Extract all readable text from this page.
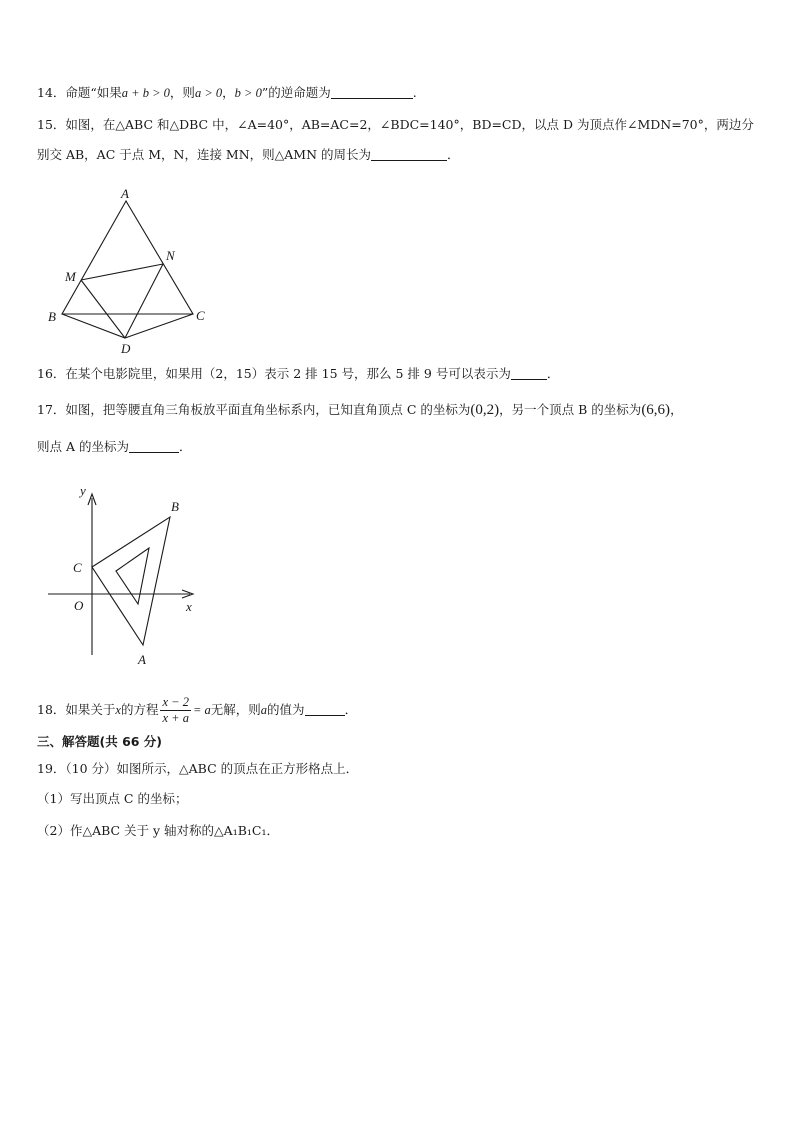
14．命题“如果a + b > 0，则a > 0，b > 0”的逆命题为	.
15．如图，在△ABC 和△DBC 中，∠A=40°，AB=AC=2，∠BDC=140°，BD=CD，以点 D 为顶点作∠MDN=70°，两边分
别交 AB，AC 于点 M，N，连接 MN，则△AMN 的周长为	．
A
B	C
D
M
N
16．在某个电影院里，如果用（2，15）表示 2 排 15 号，那么 5 排 9 号可以表示为	．
17．如图，把等腰直角三角板放平面直角坐标系内，已知直角顶点 C 的坐标为(0,2)，另一个顶点 B 的坐标为(6,6)，
则点 A 的坐标为	．
y
x
O
C
B
A
18．如果关于x的方程 $\frac{x - 2}{x + a} = a$无解，则a的值为	．
三、解答题(共 66 分)
19．（10 分）如图所示，△ABC 的顶点在正方形格点上．
（1）写出顶点 C 的坐标；
（2）作△ABC 关于 y 轴对称的△A₁B₁C₁．
